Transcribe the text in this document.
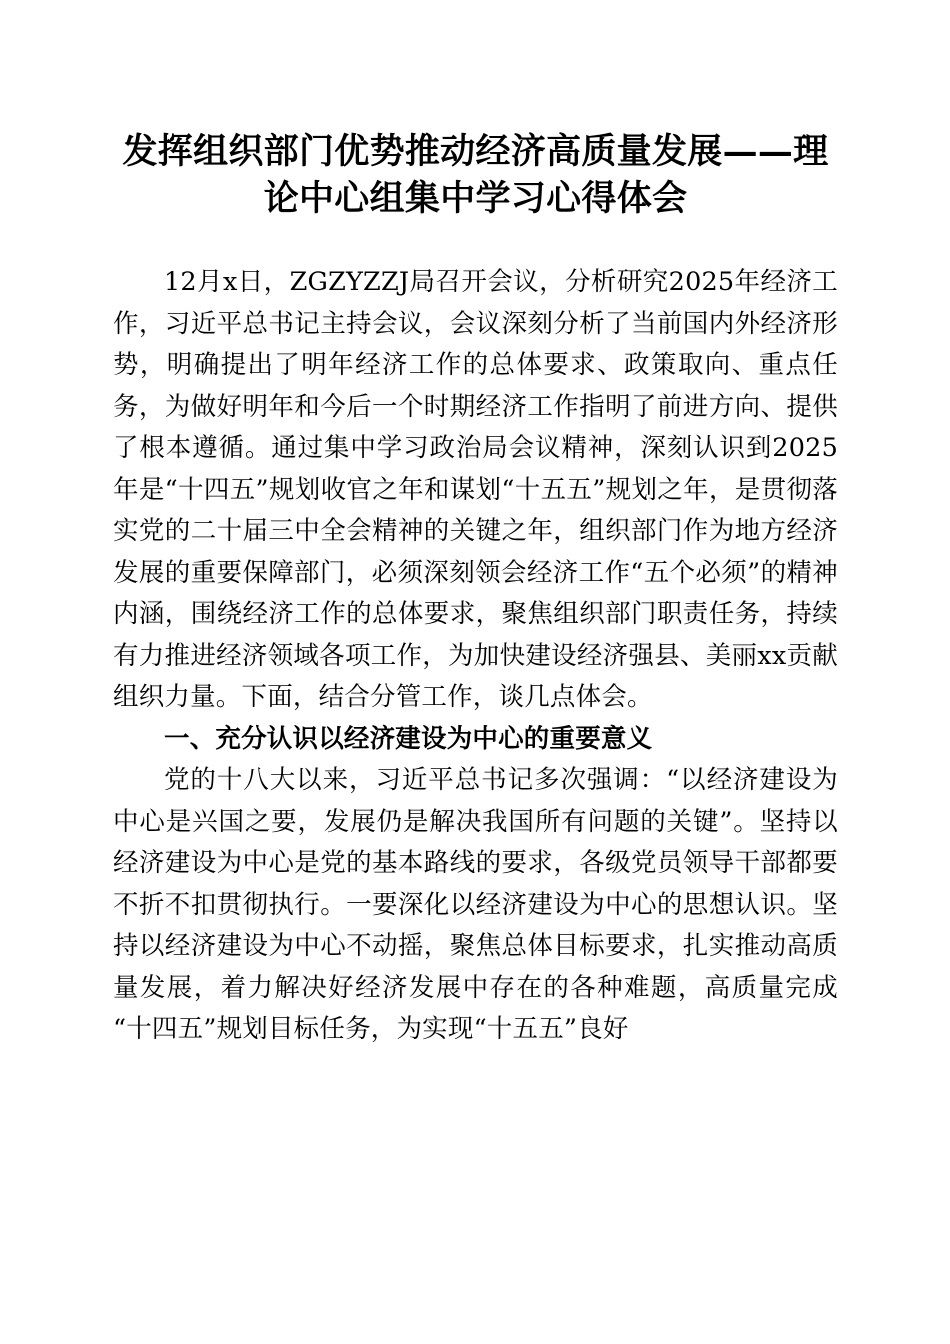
发挥组织部门优势推动经济高质量发展——理论中心组集中学习心得体会

12月x日，ZGZYZZJ局召开会议，分析研究2025年经济工作，习近平总书记主持会议，会议深刻分析了当前国内外经济形势，明确提出了明年经济工作的总体要求、政策取向、重点任务，为做好明年和今后一个时期经济工作指明了前进方向、提供了根本遵循。通过集中学习政治局会议精神，深刻认识到2025年是“十四五”规划收官之年和谋划“十五五”规划之年，是贯彻落实党的二十届三中全会精神的关键之年，组织部门作为地方经济发展的重要保障部门，必须深刻领会经济工作“五个必须”的精神内涵，围绕经济工作的总体要求，聚焦组织部门职责任务，持续有力推进经济领域各项工作，为加快建设经济强县、美丽xx贡献组织力量。下面，结合分管工作，谈几点体会。

一、充分认识以经济建设为中心的重要意义

党的十八大以来，习近平总书记多次强调：“以经济建设为中心是兴国之要，发展仍是解决我国所有问题的关键”。坚持以经济建设为中心是党的基本路线的要求，各级党员领导干部都要不折不扣贯彻执行。一要深化以经济建设为中心的思想认识。坚持以经济建设为中心不动摇，聚焦总体目标要求，扎实推动高质量发展，着力解决好经济发展中存在的各种难题，高质量完成“十四五”规划目标任务，为实现“十五五”良好
